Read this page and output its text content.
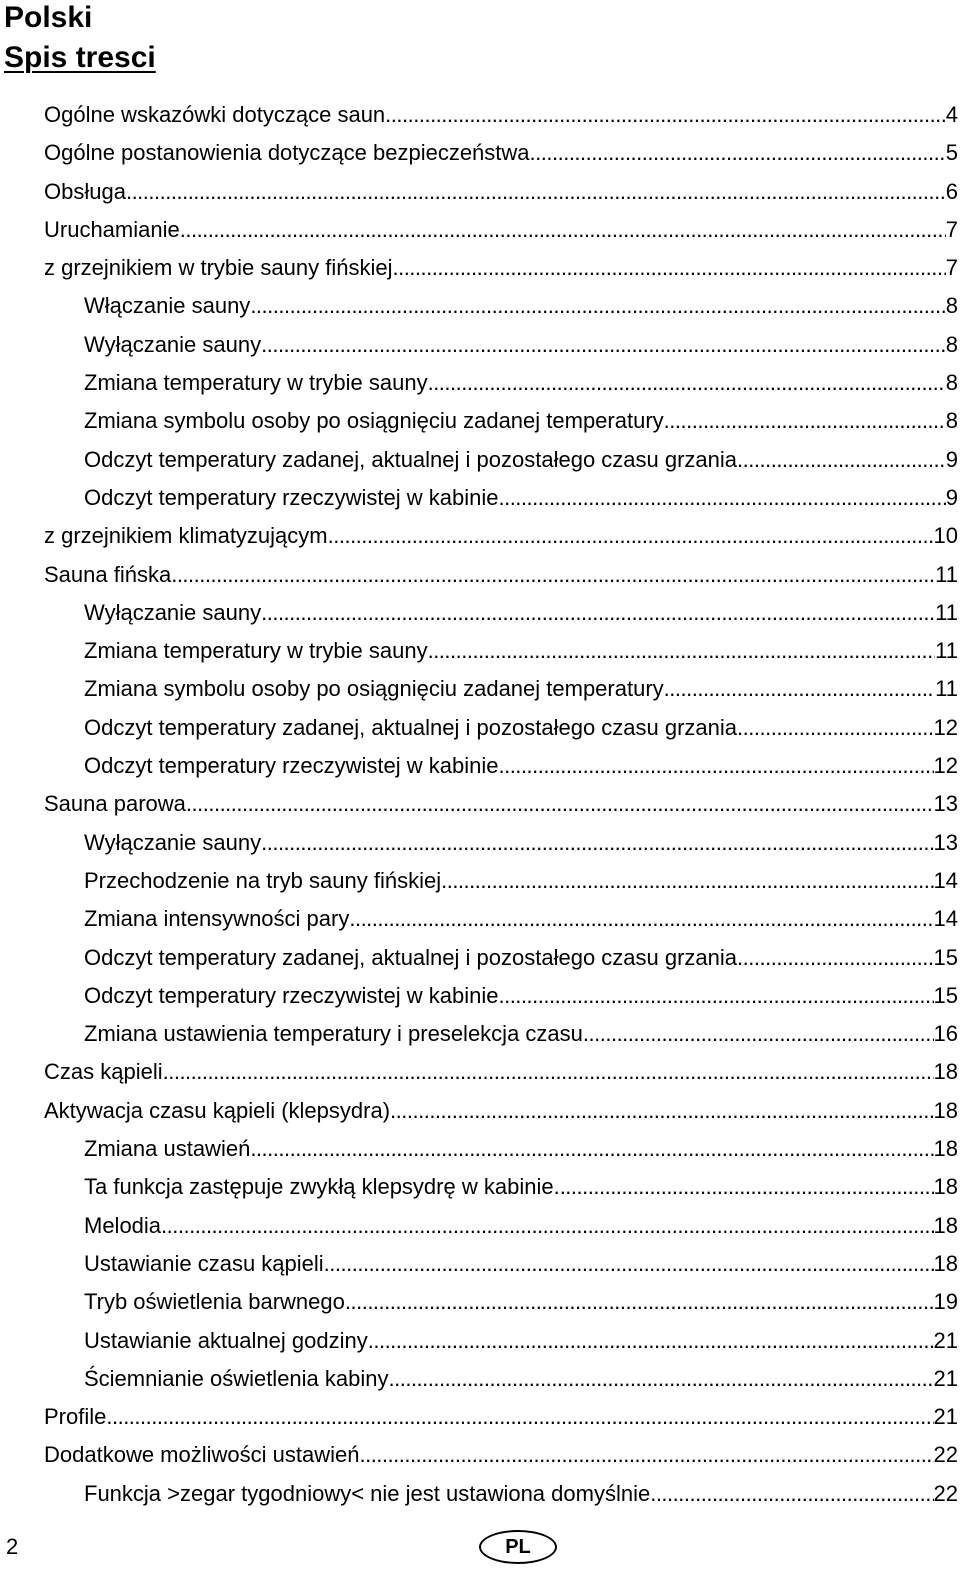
Polski
Spis tresci
Ogólne wskazówki dotyczące saun .....	4
Ogólne postanowienia dotyczące bezpieczeństwa .....	5
Obsługa .....	6
Uruchamianie .....	7
z grzejnikiem w trybie sauny fińskiej .....	7
Włączanie sauny .....	8
Wyłączanie sauny .....	8
Zmiana temperatury w trybie sauny .....	8
Zmiana symbolu osoby po osiągnięciu zadanej temperatury .....	8
Odczyt temperatury zadanej, aktualnej i pozostałego czasu grzania .....	9
Odczyt temperatury rzeczywistej w kabinie .....	9
z grzejnikiem klimatyzującym .....	10
Sauna fińska .....	11
Wyłączanie sauny .....	11
Zmiana temperatury w trybie sauny .....	11
Zmiana symbolu osoby po osiągnięciu zadanej temperatury .....	11
Odczyt temperatury zadanej, aktualnej i pozostałego czasu grzania .....	12
Odczyt temperatury rzeczywistej w kabinie .....	12
Sauna parowa .....	13
Wyłączanie sauny .....	13
Przechodzenie na tryb sauny fińskiej .....	14
Zmiana intensywności pary .....	14
Odczyt temperatury zadanej, aktualnej i pozostałego czasu grzania .....	15
Odczyt temperatury rzeczywistej w kabinie .....	15
Zmiana ustawienia temperatury i preselekcja czasu .....	16
Czas kąpieli .....	18
Aktywacja czasu kąpieli (klepsydra) .....	18
Zmiana ustawień .....	18
Ta funkcja zastępuje zwykłą klepsydrę w kabinie. .....	18
Melodia .....	18
Ustawianie czasu kąpieli .....	18
Tryb oświetlenia barwnego .....	19
Ustawianie aktualnej godziny .....	21
Ściemnianie oświetlenia kabiny .....	21
Profile .....	21
Dodatkowe możliwości ustawień .....	22
Funkcja >zegar tygodniowy< nie jest ustawiona domyślnie .....	22
2	PL
